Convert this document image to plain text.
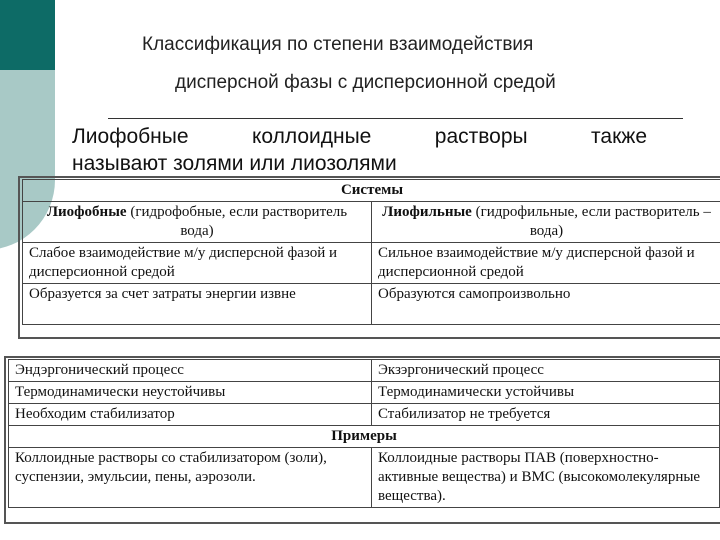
Классификация по степени взаимодействия
дисперсной фазы с дисперсионной средой
Лиофобные коллоидные растворы также
называют золями или лиозолями
Системы	
Лиофобные (гидрофобные, если растворитель вода)	Лиофильные (гидрофильные, если растворитель – вода)
Слабое взаимодействие м/у дисперсной фазой и дисперсионной средой	Сильное взаимодействие м/у дисперсной фазой и дисперсионной средой
Образуется за счет затраты энергии извне	Образуются самопроизвольно
Эндэргонический процесс	Экзэргонический процесс
Термодинамически неустойчивы	Термодинамически устойчивы
Необходим стабилизатор	Стабилизатор не требуется
Примеры	
Коллоидные растворы со стабилизатором (золи), суспензии, эмульсии, пены, аэрозоли.	Коллоидные растворы ПАВ (поверхностно-активные вещества) и ВМС (высокомолекулярные вещества).
